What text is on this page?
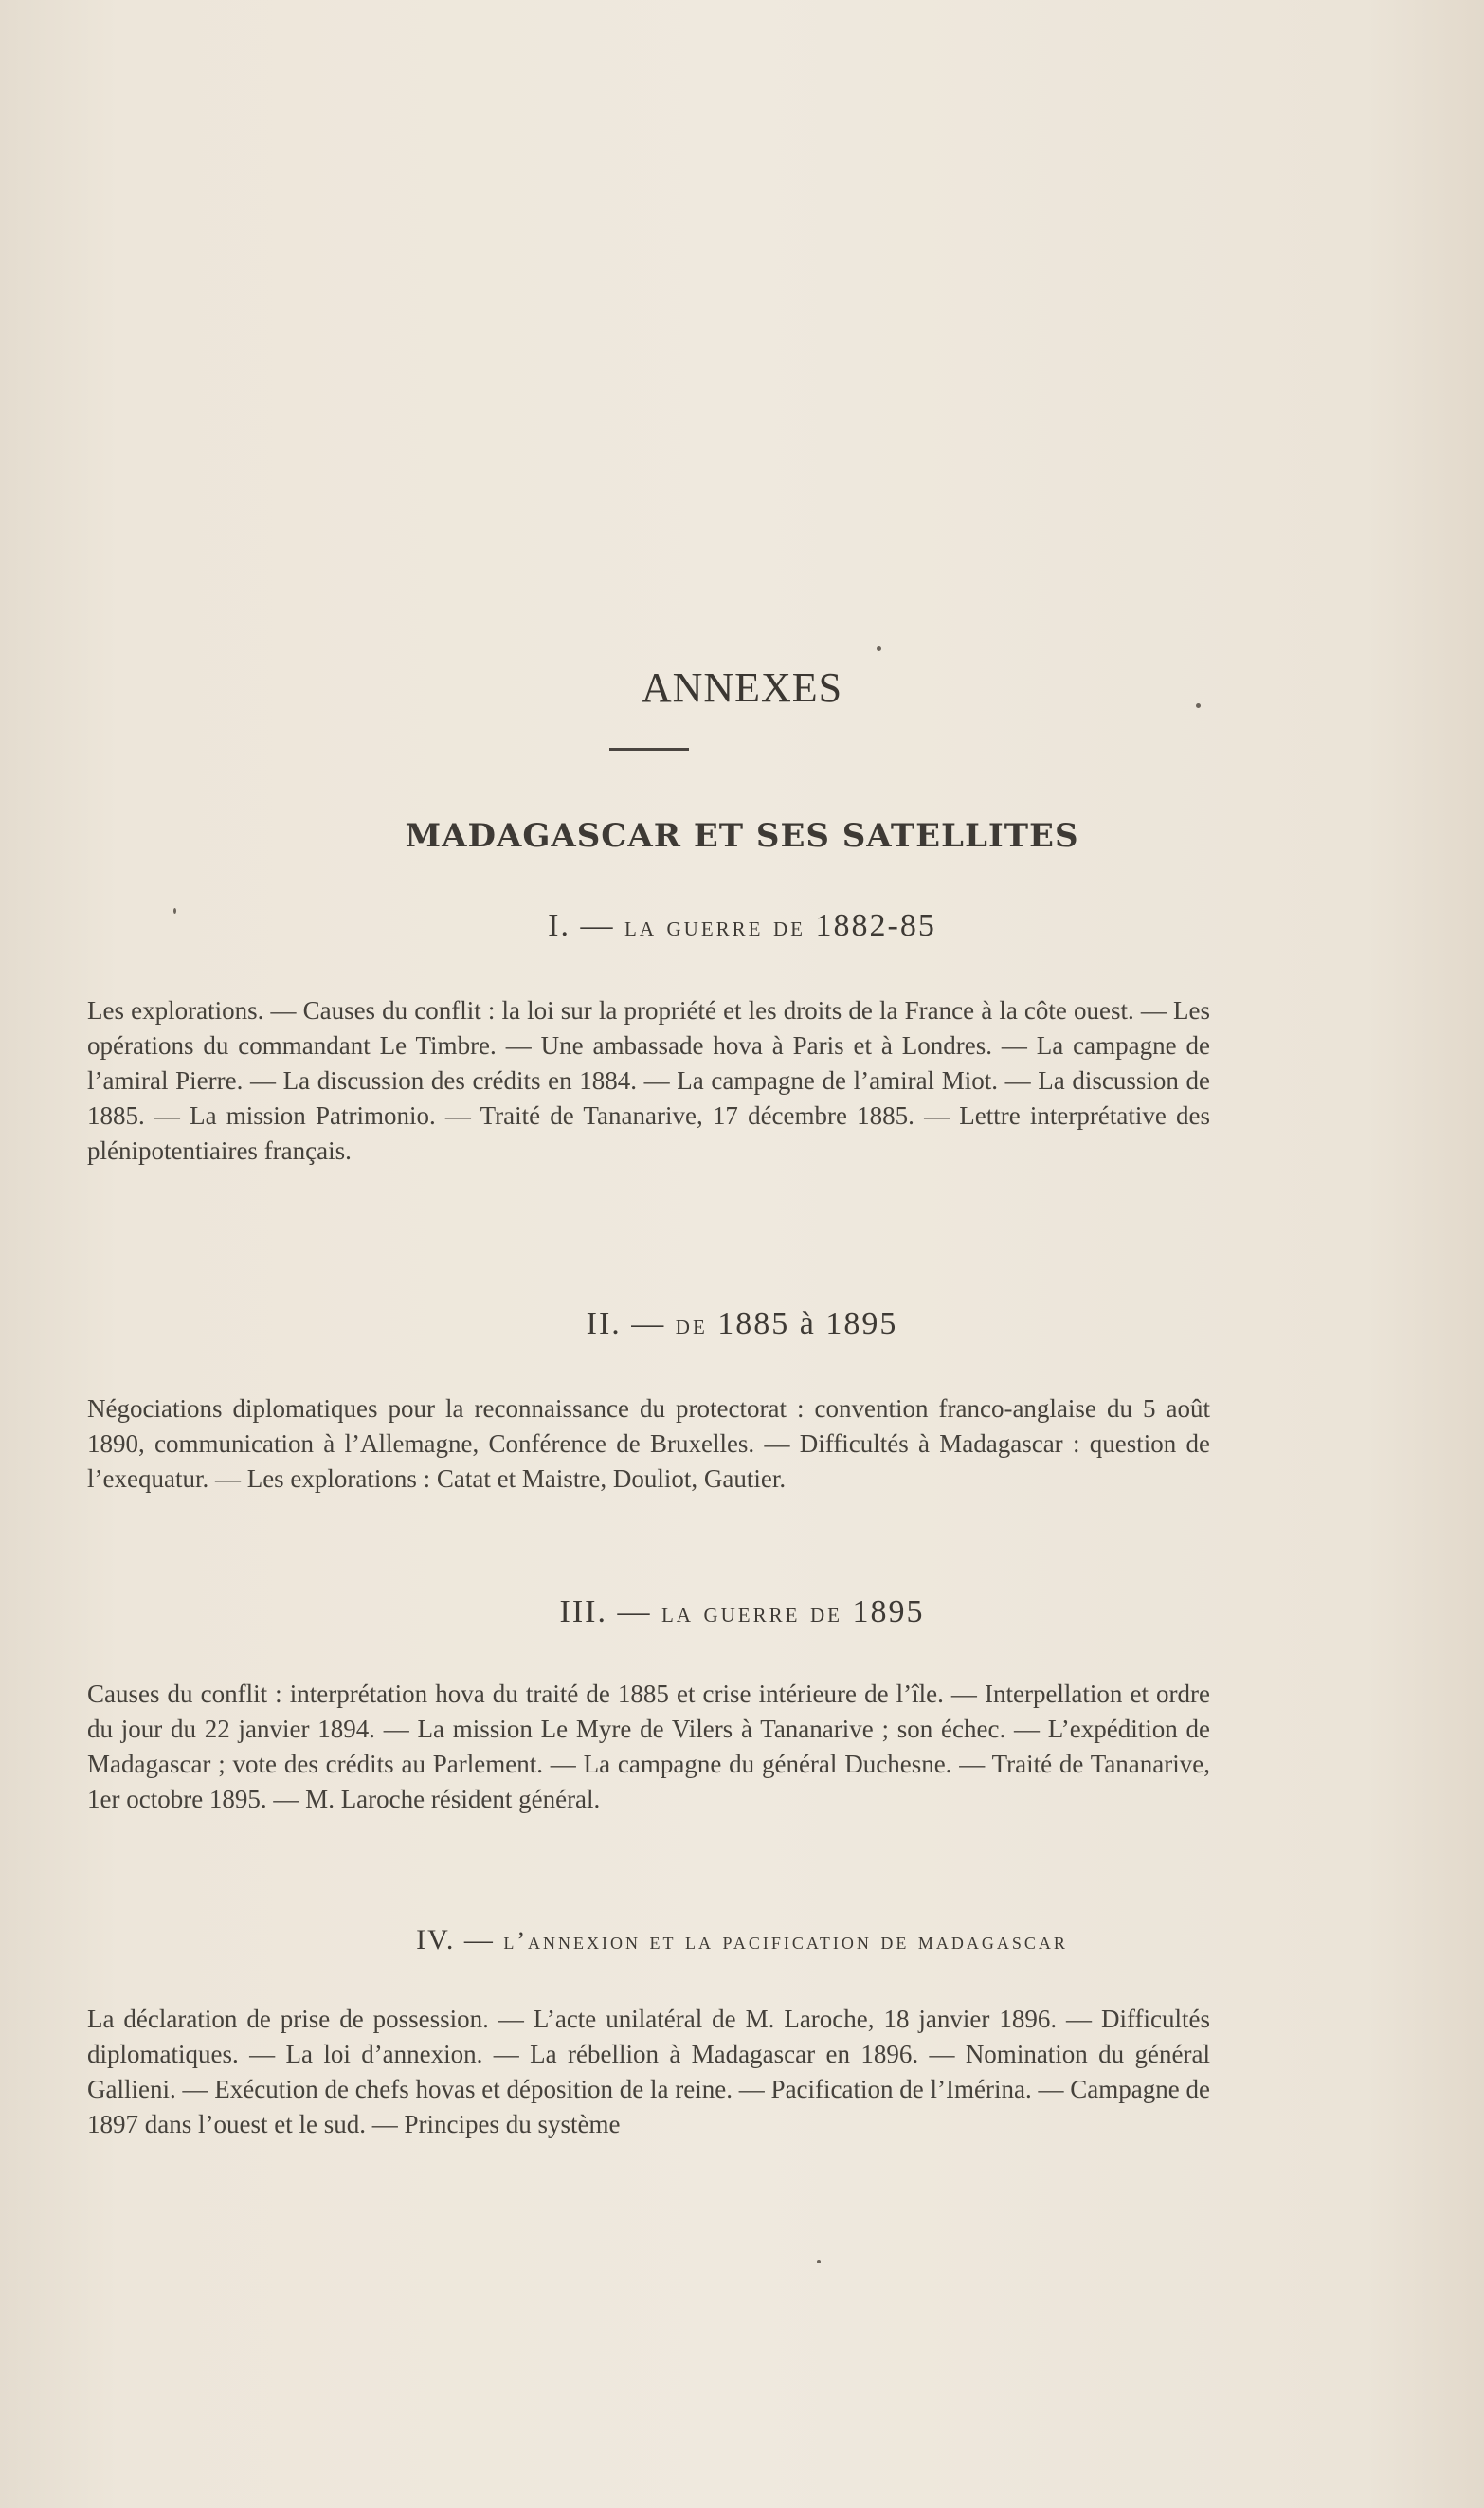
ANNEXES
MADAGASCAR ET SES SATELLITES
I. — la guerre de 1882-85
Les explorations. — Causes du conflit : la loi sur la propriété et les droits de la France à la côte ouest. — Les opérations du commandant Le Timbre. — Une ambassade hova à Paris et à Londres. — La campagne de l’amiral Pierre. — La discussion des crédits en 1884. — La campagne de l’amiral Miot. — La discussion de 1885. — La mission Patrimonio. — Traité de Tananarive, 17 décembre 1885. — Lettre interprétative des plénipotentiaires français.
II. — de 1885 à 1895
Négociations diplomatiques pour la reconnaissance du protectorat : convention franco-anglaise du 5 août 1890, communication à l’Allemagne, Conférence de Bruxelles. — Difficultés à Madagascar : question de l’exequatur. — Les explorations : Catat et Maistre, Douliot, Gautier.
III. — la guerre de 1895
Causes du conflit : interprétation hova du traité de 1885 et crise intérieure de l’île. — Interpellation et ordre du jour du 22 janvier 1894. — La mission Le Myre de Vilers à Tananarive ; son échec. — L’expédition de Madagascar ; vote des crédits au Parlement. — La campagne du général Duchesne. — Traité de Tananarive, 1er octobre 1895. — M. Laroche résident général.
IV. — l’annexion et la pacification de madagascar
La déclaration de prise de possession. — L’acte unilatéral de M. Laroche, 18 janvier 1896. — Difficultés diplomatiques. — La loi d’annexion. — La rébellion à Madagascar en 1896. — Nomination du général Gallieni. — Exécution de chefs hovas et déposition de la reine. — Pacification de l’Imérina. — Campagne de 1897 dans l’ouest et le sud. — Principes du système
